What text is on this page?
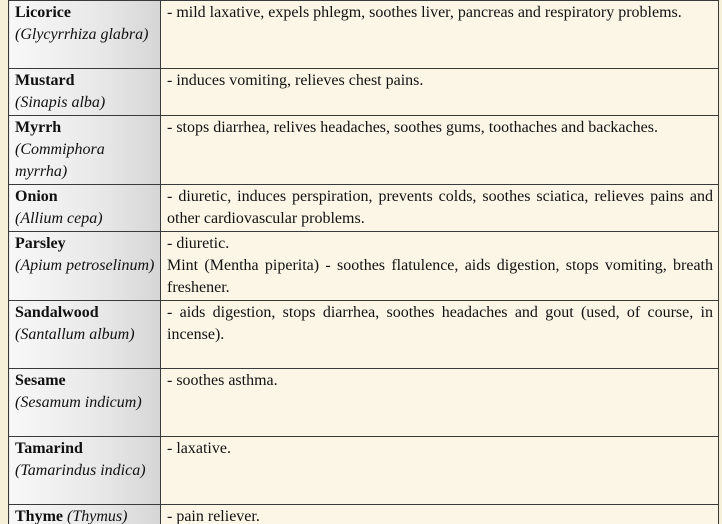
Licorice
(Glycyrrhiza glabra)	- mild laxative, expels phlegm, soothes liver, pancreas and respiratory problems.
Mustard
(Sinapis alba)	- induces vomiting, relieves chest pains.
Myrrh
(Commiphora myrrha)	- stops diarrhea, relives headaches, soothes gums, toothaches and backaches.
Onion
(Allium cepa)	- diuretic, induces perspiration, prevents colds, soothes sciatica, relieves pains and other cardiovascular problems.
Parsley
(Apium petroselinum)	- diuretic.
Mint (Mentha piperita) - soothes flatulence, aids digestion, stops vomiting, breath freshener.
Sandalwood
(Santallum album)	- aids digestion, stops diarrhea, soothes headaches and gout (used, of course, in incense).
Sesame
(Sesamum indicum)	- soothes asthma.
Tamarind
(Tamarindus indica)	- laxative.
Thyme (Thymus)	- pain reliever.
